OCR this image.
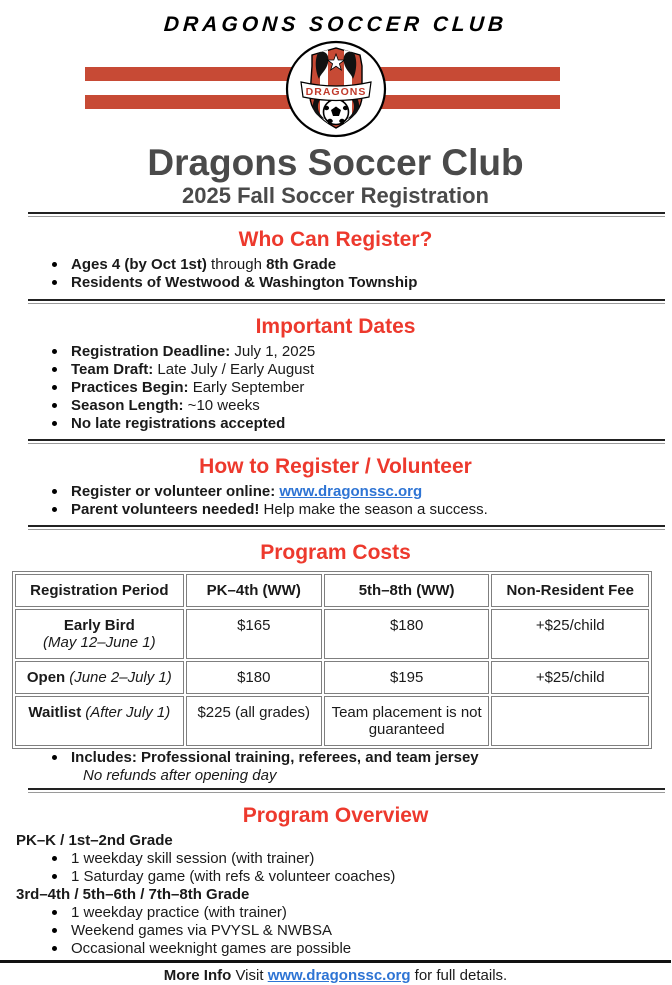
DRAGONS SOCCER CLUB
DRAGONS
Dragons Soccer Club
2025 Fall Soccer Registration
Who Can Register?
Ages 4 (by Oct 1st) through 8th Grade
Residents of Westwood & Washington Township
Important Dates
Registration Deadline: July 1, 2025
Team Draft: Late July / Early August
Practices Begin: Early September
Season Length: ~10 weeks
No late registrations accepted
How to Register / Volunteer
Register or volunteer online: www.dragonssc.org
Parent volunteers needed! Help make the season a success.
Program Costs
Registration Period	PK–4th (WW)	5th–8th (WW)	Non-Resident Fee
Early Bird
(May 12–June 1)	$165	$180	+$25/child
Open (June 2–July 1)	$180	$195	+$25/child
Waitlist (After July 1)	$225 (all grades)	Team placement is not guaranteed	
Includes: Professional training, referees, and team jersey
No refunds after opening day
Program Overview
PK–K / 1st–2nd Grade
1 weekday skill session (with trainer)
1 Saturday game (with refs & volunteer coaches)
3rd–4th / 5th–6th / 7th–8th Grade
1 weekday practice (with trainer)
Weekend games via PVYSL & NWBSA
Occasional weeknight games are possible
More Info Visit www.dragonssc.org for full details.
